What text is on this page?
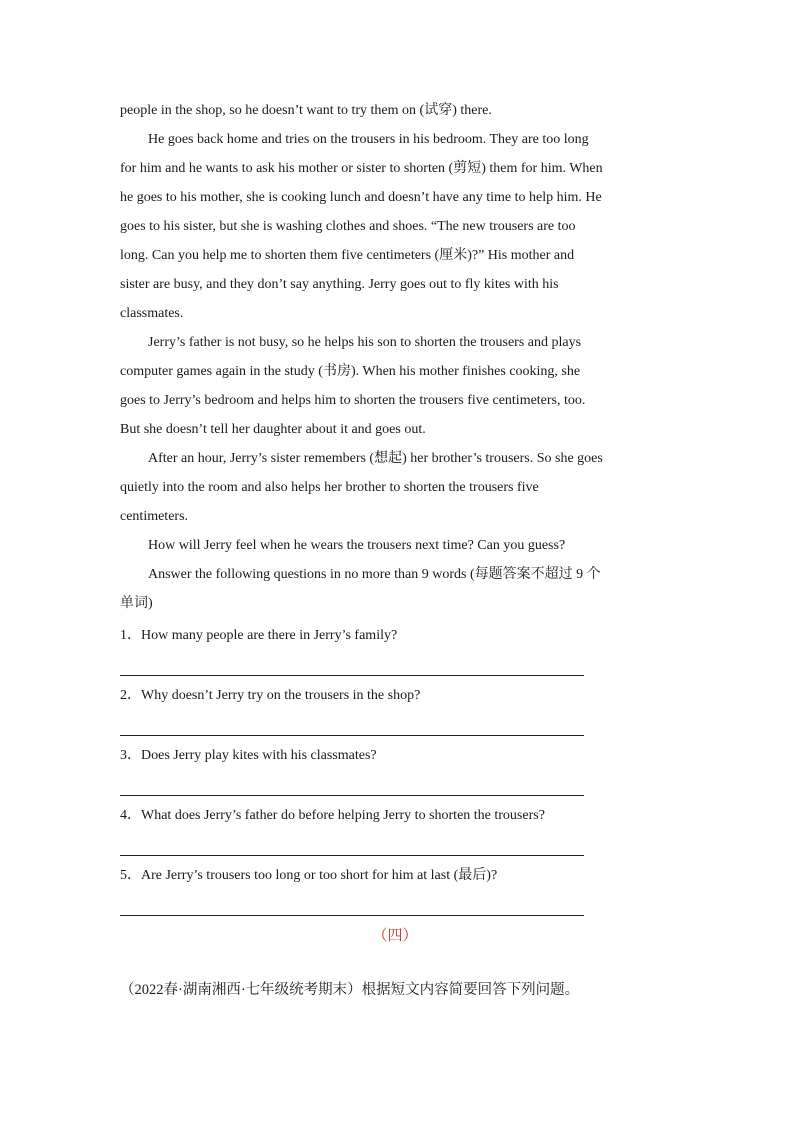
people in the shop, so he doesn’t want to try them on (试穿) there.
He goes back home and tries on the trousers in his bedroom. They are too long
for him and he wants to ask his mother or sister to shorten (剪短) them for him. When
he goes to his mother, she is cooking lunch and doesn’t have any time to help him. He
goes to his sister, but she is washing clothes and shoes. “The new trousers are too
long. Can you help me to shorten them five centimeters (厘米)?” His mother and
sister are busy, and they don’t say anything. Jerry goes out to fly kites with his
classmates.
Jerry’s father is not busy, so he helps his son to shorten the trousers and plays
computer games again in the study (书房). When his mother finishes cooking, she
goes to Jerry’s bedroom and helps him to shorten the trousers five centimeters, too.
But she doesn’t tell her daughter about it and goes out.
After an hour, Jerry’s sister remembers (想起) her brother’s trousers. So she goes
quietly into the room and also helps her brother to shorten the trousers five
centimeters.
How will Jerry feel when he wears the trousers next time? Can you guess?
Answer the following questions in no more than 9 words (每题答案不超过 9 个
单词)
1．How many people are there in Jerry’s family?
2．Why doesn’t Jerry try on the trousers in the shop?
3．Does Jerry play kites with his classmates?
4．What does Jerry’s father do before helping Jerry to shorten the trousers?
5．Are Jerry’s trousers too long or too short for him at last (最后)?
（四）
（2022春·湖南湘西·七年级统考期末）根据短文内容简要回答下列问题。
